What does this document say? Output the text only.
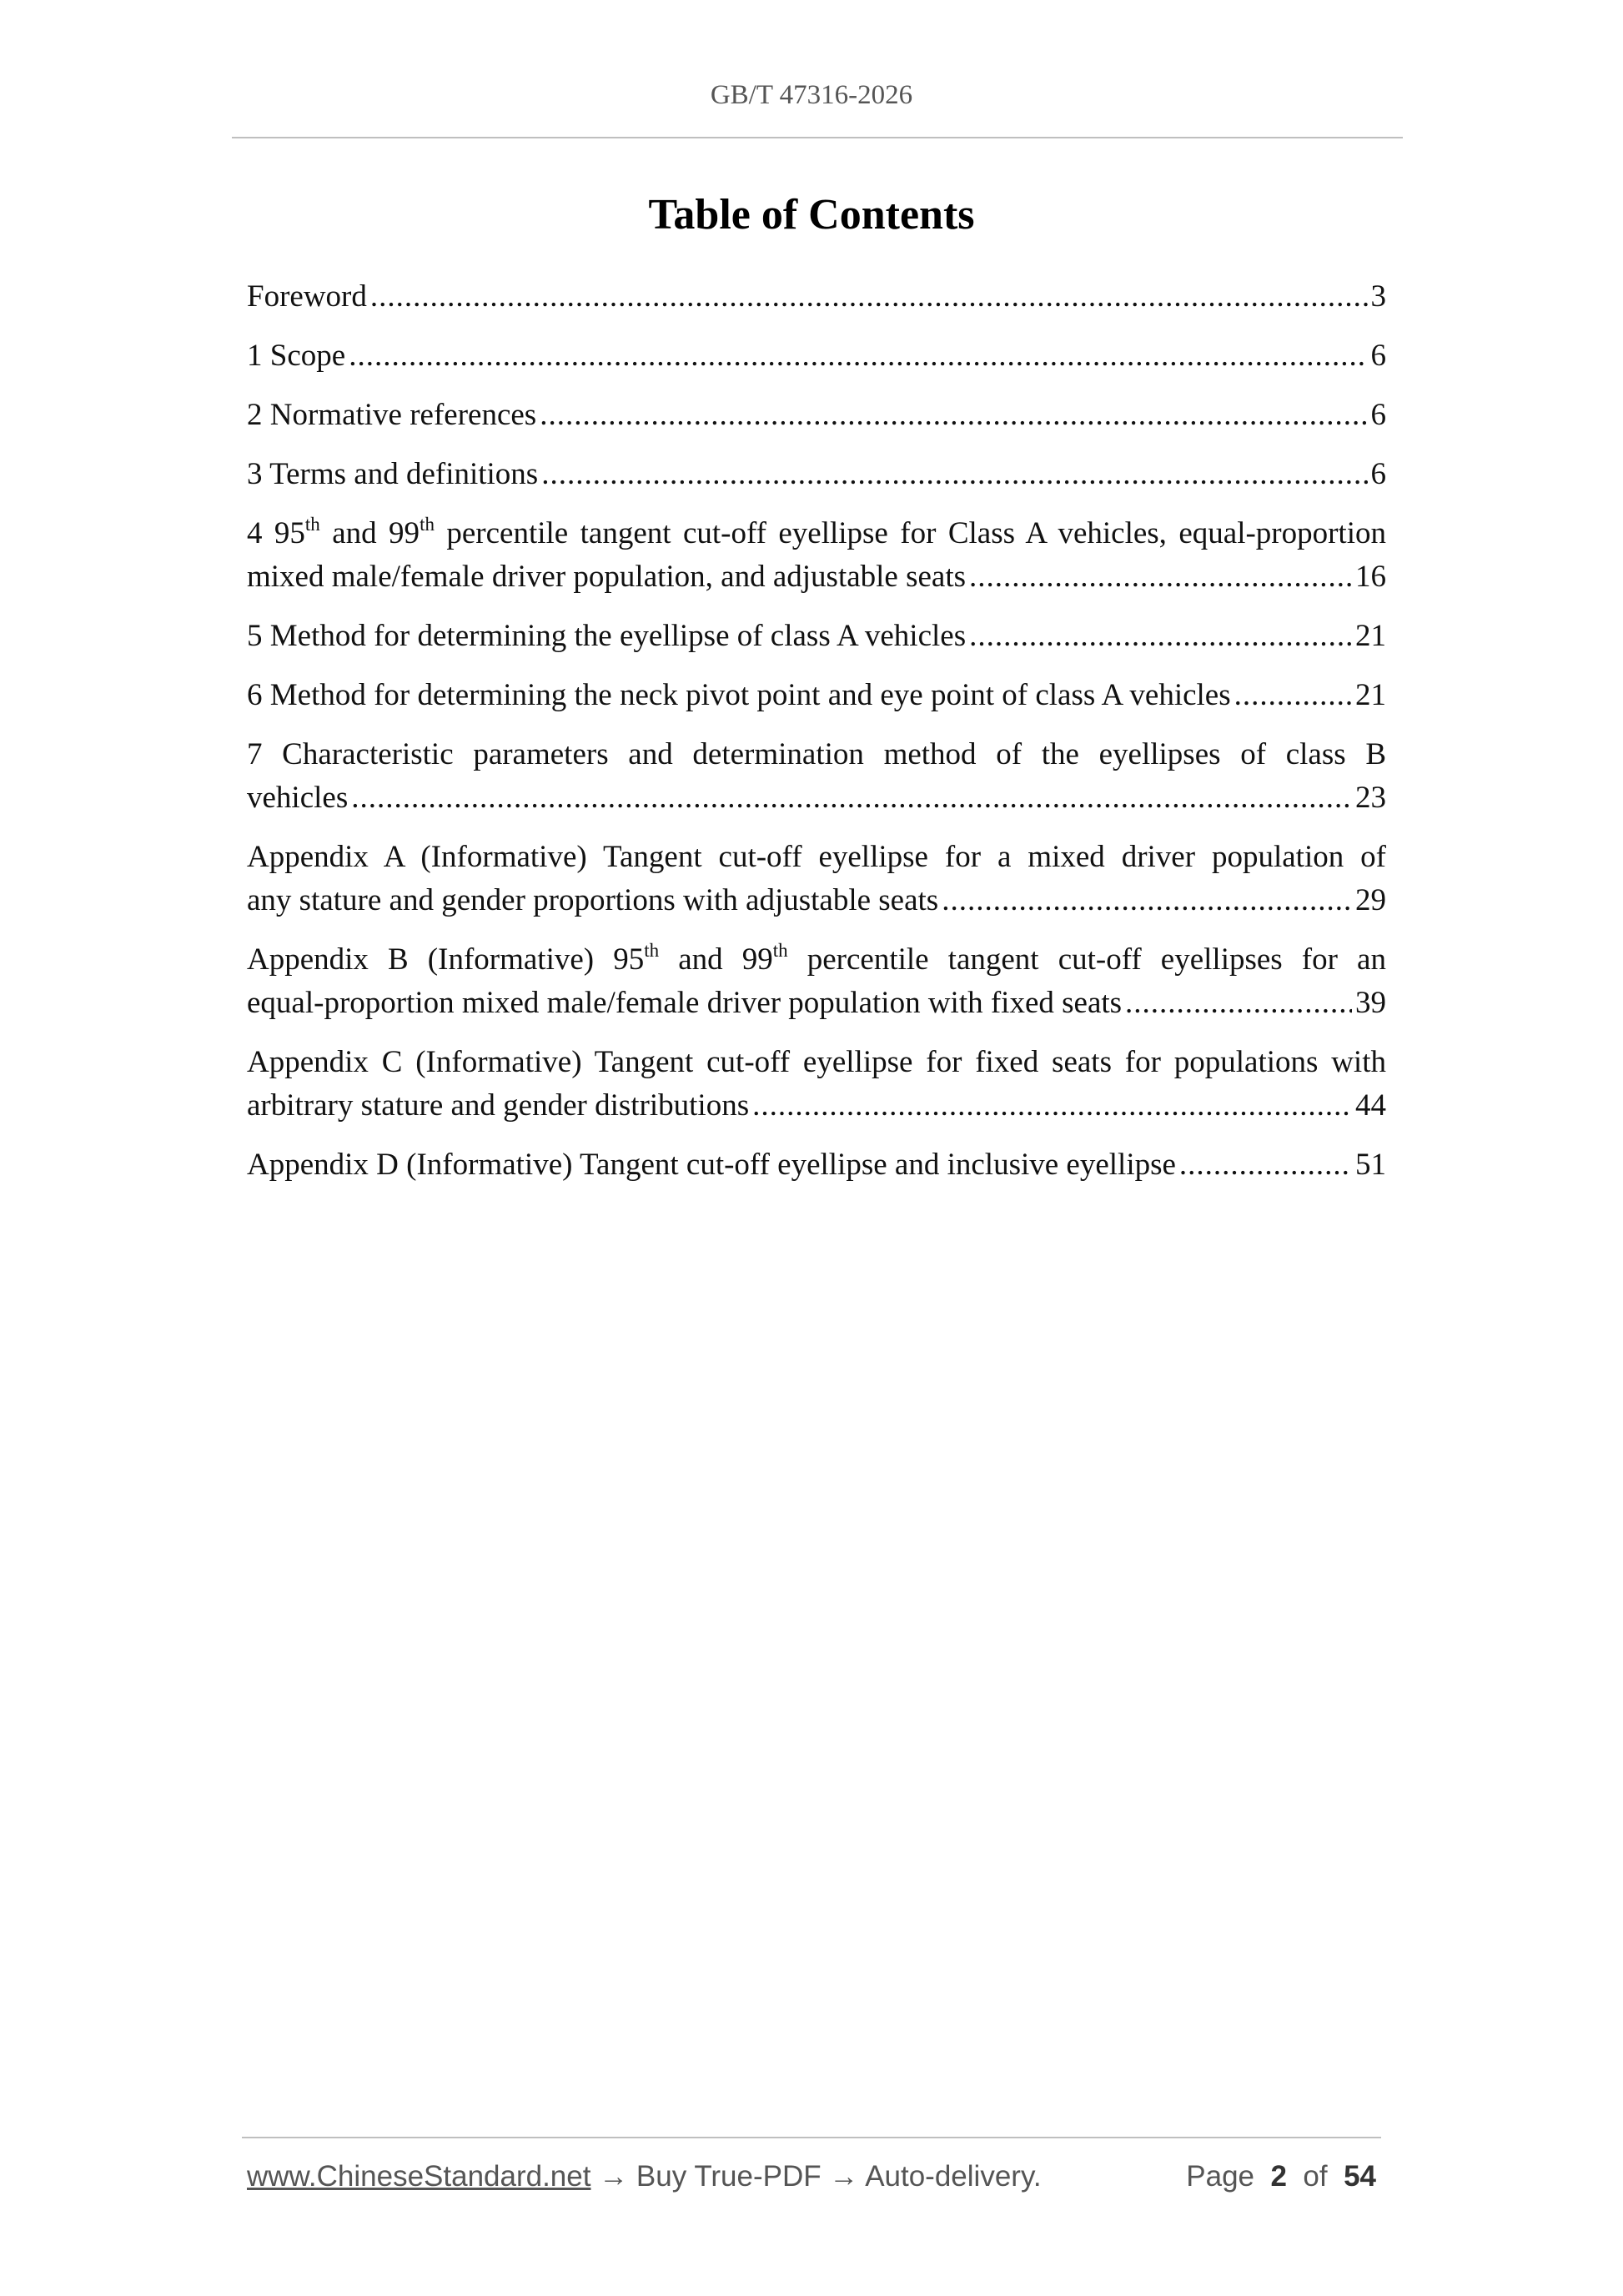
GB/T 47316-2026
Table of Contents
Foreword .....	3
1 Scope .....	6
2 Normative references .....	6
3 Terms and definitions .....	6
4 95th and 99th percentile tangent cut-off eyellipse for Class A vehicles, equal-proportion
mixed male/female driver population, and adjustable seats .....	16
5 Method for determining the eyellipse of class A vehicles .....	21
6 Method for determining the neck pivot point and eye point of class A vehicles .....	21
7 Characteristic parameters and determination method of the eyellipses of class B
vehicles .....	23
Appendix A (Informative) Tangent cut-off eyellipse for a mixed driver population of
any stature and gender proportions with adjustable seats .....	29
Appendix B (Informative) 95th and 99th percentile tangent cut-off eyellipses for an
equal-proportion mixed male/female driver population with fixed seats .....	39
Appendix C (Informative) Tangent cut-off eyellipse for fixed seats for populations with
arbitrary stature and gender distributions .....	44
Appendix D (Informative) Tangent cut-off eyellipse and inclusive eyellipse .....	51
www.ChineseStandard.net → Buy True-PDF → Auto-delivery.	Page 2 of 54
